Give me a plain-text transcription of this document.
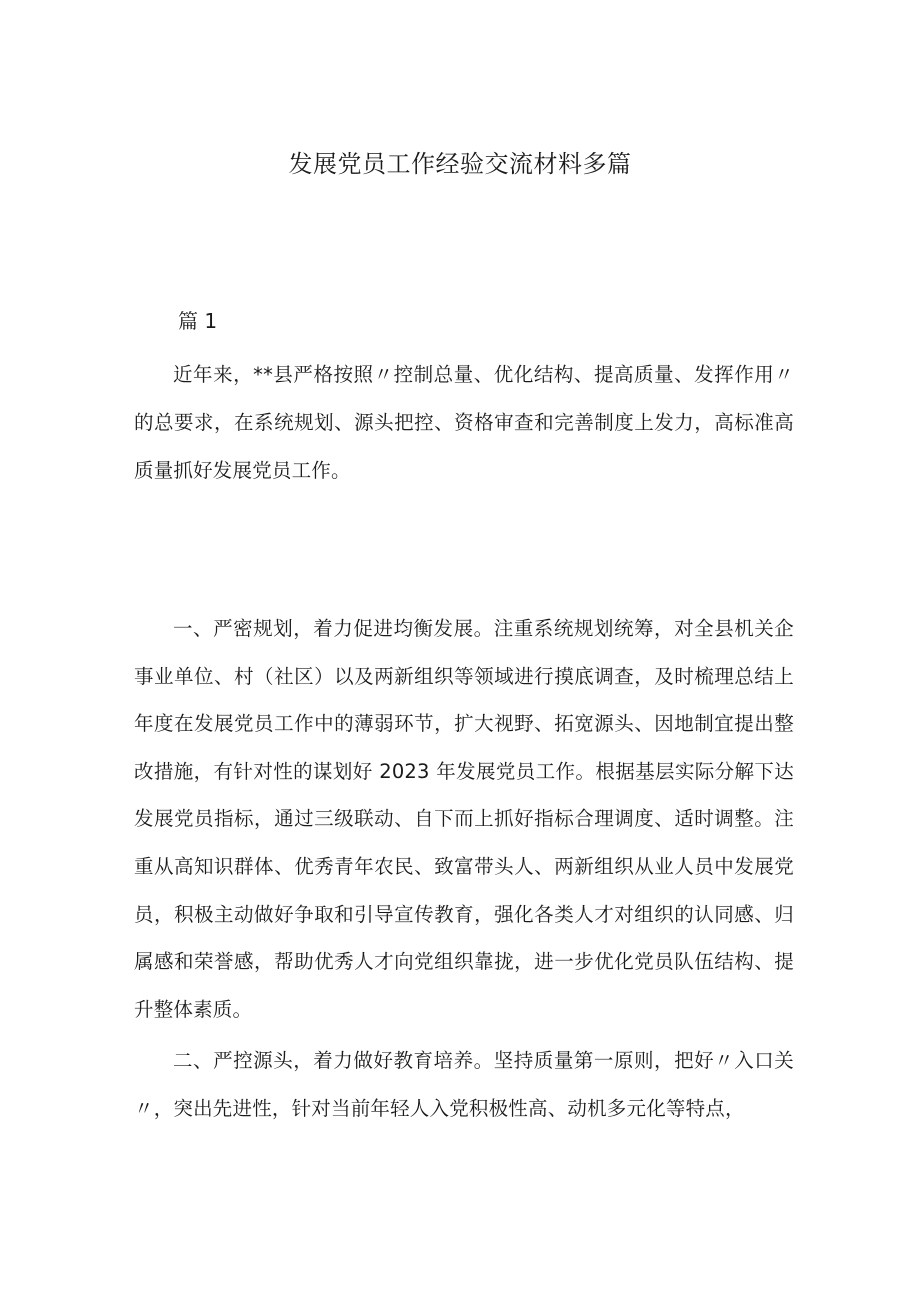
发展党员工作经验交流材料多篇
篇 1

近年来，**县严格按照〃控制总量、优化结构、提高质量、发挥作用〃的总要求，在系统规划、源头把控、资格审查和完善制度上发力，高标准高质量抓好发展党员工作。

一、严密规划，着力促进均衡发展。注重系统规划统筹，对全县机关企事业单位、村（社区）以及两新组织等领域进行摸底调查，及时梳理总结上年度在发展党员工作中的薄弱环节，扩大视野、拓宽源头、因地制宜提出整改措施，有针对性的谋划好 2023 年发展党员工作。根据基层实际分解下达发展党员指标，通过三级联动、自下而上抓好指标合理调度、适时调整。注重从高知识群体、优秀青年农民、致富带头人、两新组织从业人员中发展党员，积极主动做好争取和引导宣传教育，强化各类人才对组织的认同感、归属感和荣誉感，帮助优秀人才向党组织靠拢，进一步优化党员队伍结构、提升整体素质。

二、严控源头，着力做好教育培养。坚持质量第一原则，把好〃入口关〃，突出先进性，针对当前年轻人入党积极性高、动机多元化等特点，
